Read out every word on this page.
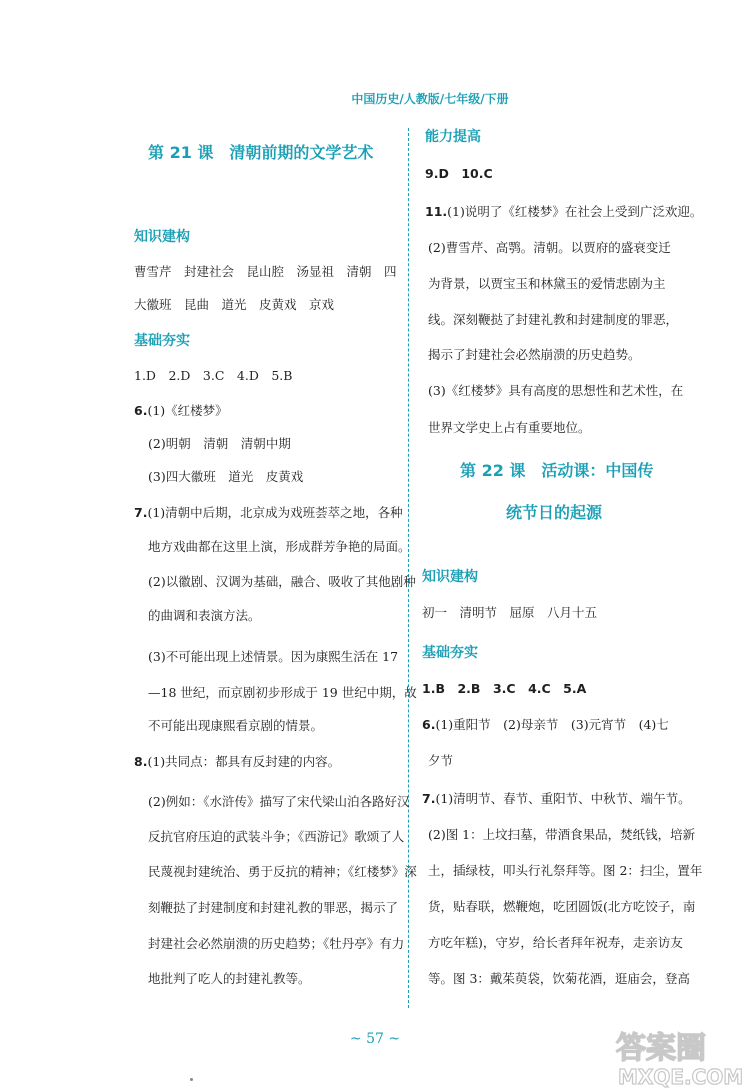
中国历史/人教版/七年级/下册
第 21 课　清朝前期的文学艺术
知识建构
曹雪芹　封建社会　昆山腔　汤显祖　清朝　四
大徽班　昆曲　道光　皮黄戏　京戏
基础夯实
1.D　2.D　3.C　4.D　5.B
6.(1)《红楼梦》
(2)明朝　清朝　清朝中期
(3)四大徽班　道光　皮黄戏
7.(1)清朝中后期，北京成为戏班荟萃之地，各种
地方戏曲都在这里上演，形成群芳争艳的局面。
(2)以徽剧、汉调为基础，融合、吸收了其他剧种
的曲调和表演方法。
(3)不可能出现上述情景。因为康熙生活在 17
—18 世纪，而京剧初步形成于 19 世纪中期，故
不可能出现康熙看京剧的情景。
8.(1)共同点：都具有反封建的内容。
(2)例如：《水浒传》描写了宋代梁山泊各路好汉
反抗官府压迫的武装斗争；《西游记》歌颂了人
民蔑视封建统治、勇于反抗的精神；《红楼梦》深
刻鞭挞了封建制度和封建礼教的罪恶，揭示了
封建社会必然崩溃的历史趋势；《牡丹亭》有力
地批判了吃人的封建礼教等。
能力提高
9.D　10.C
11.(1)说明了《红楼梦》在社会上受到广泛欢迎。
(2)曹雪芹、高鹗。清朝。以贾府的盛衰变迁
为背景，以贾宝玉和林黛玉的爱情悲剧为主
线。深刻鞭挞了封建礼教和封建制度的罪恶，
揭示了封建社会必然崩溃的历史趋势。
(3)《红楼梦》具有高度的思想性和艺术性，在
世界文学史上占有重要地位。
第 22 课　活动课：中国传
统节日的起源
知识建构
初一　清明节　屈原　八月十五
基础夯实
1.B　2.B　3.C　4.C　5.A
6.(1)重阳节　(2)母亲节　(3)元宵节　(4)七
夕节
7.(1)清明节、春节、重阳节、中秋节、端午节。
(2)图 1：上坟扫墓，带酒食果品，焚纸钱，培新
土，插绿枝，叩头行礼祭拜等。图 2：扫尘，置年
货，贴春联，燃鞭炮，吃团圆饭(北方吃饺子，南
方吃年糕)，守岁，给长者拜年祝寿，走亲访友
等。图 3：戴茱萸袋，饮菊花酒，逛庙会，登高
~ 57 ~	答案圈
MXQE.COM
